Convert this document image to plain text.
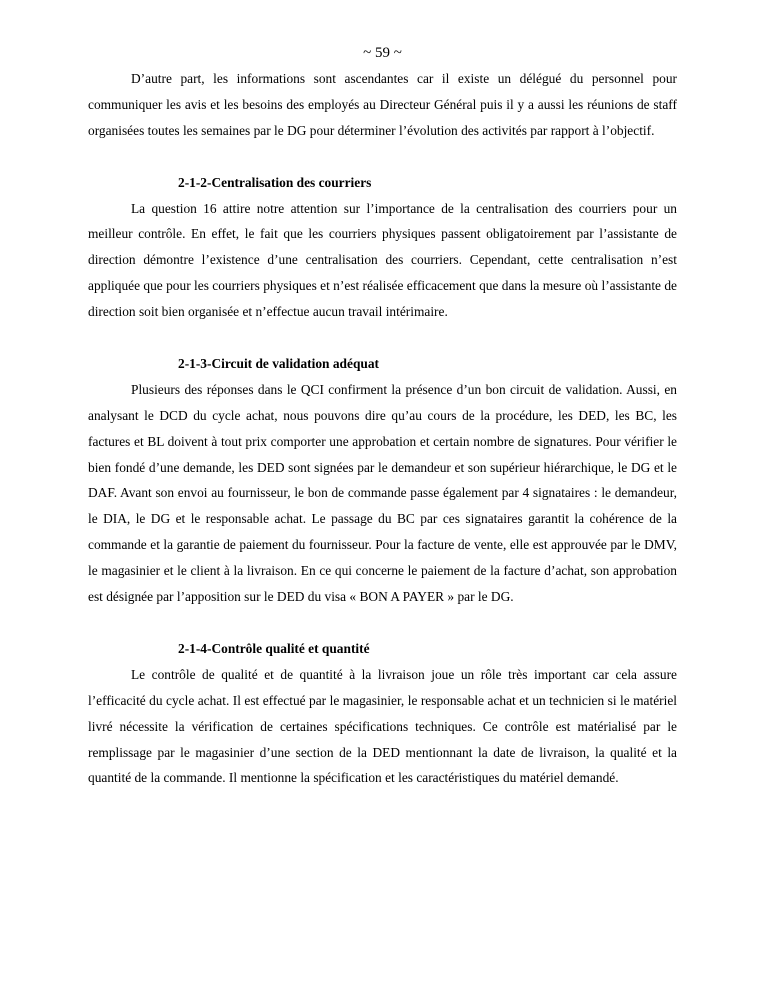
~ 59 ~

D’autre part, les informations sont ascendantes car il existe un délégué du personnel pour communiquer les avis et les besoins des employés au Directeur Général puis il y a aussi les réunions de staff organisées toutes les semaines par le DG pour déterminer l’évolution des activités par rapport à l’objectif.

2-1-2-Centralisation des courriers

La question 16 attire notre attention sur l’importance de la centralisation des courriers pour un meilleur contrôle. En effet, le fait que les courriers physiques passent obligatoirement par l’assistante de direction démontre l’existence d’une centralisation des courriers. Cependant, cette centralisation n’est appliquée que pour les courriers physiques et n’est réalisée efficacement que dans la mesure où l’assistante de direction soit bien organisée et n’effectue aucun travail intérimaire.

2-1-3-Circuit de validation adéquat

Plusieurs des réponses dans le QCI confirment la présence d’un bon circuit de validation. Aussi, en analysant le DCD du cycle achat, nous pouvons dire qu’au cours de la procédure, les DED, les BC, les factures et BL doivent à tout prix comporter une approbation et certain nombre de signatures. Pour vérifier le bien fondé d’une demande, les DED sont signées par le demandeur et son supérieur hiérarchique, le DG et le DAF. Avant son envoi au fournisseur, le bon de commande passe également par 4 signataires : le demandeur, le DIA, le DG et le responsable achat. Le passage du BC par ces signataires garantit la cohérence de la commande et la garantie de paiement du fournisseur. Pour la facture de vente, elle est approuvée par le DMV, le magasinier et le client à la livraison. En ce qui concerne le paiement de la facture d’achat, son approbation est désignée par l’apposition sur le DED du visa « BON A PAYER » par le DG.

2-1-4-Contrôle qualité et quantité

Le contrôle de qualité et de quantité à la livraison joue un rôle très important car cela assure l’efficacité du cycle achat. Il est effectué par le magasinier, le responsable achat et un technicien si le matériel livré nécessite la vérification de certaines spécifications techniques. Ce contrôle est matérialisé par le remplissage par le magasinier d’une section de la DED mentionnant la date de livraison, la qualité et la quantité de la commande. Il mentionne la spécification et les caractéristiques du matériel demandé.
